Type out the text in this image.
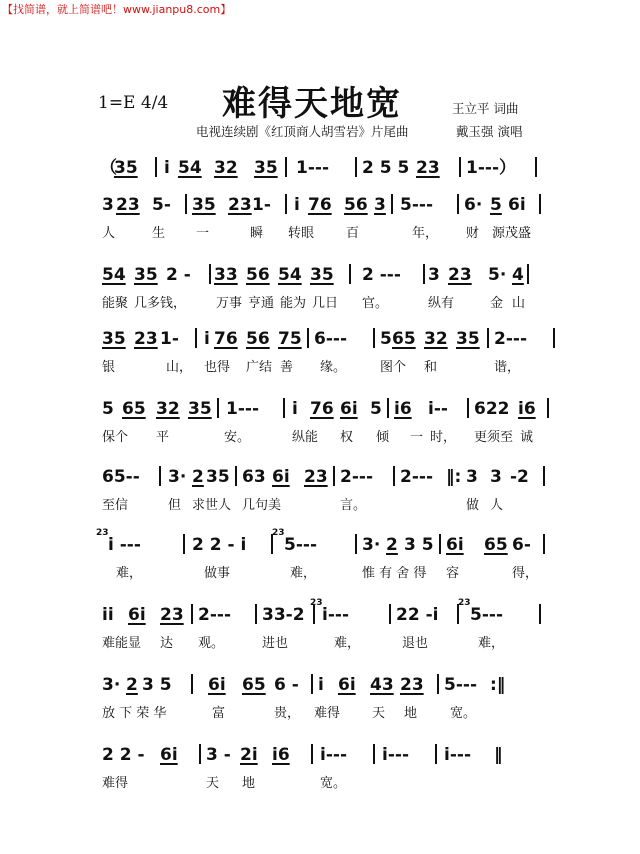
【找简谱，就上简谱吧！www.jianpu8.com】
1=E 4/4 难得天地宽	王立平 词曲
电视连续剧《红顶商人胡雪岩》片尾曲	戴玉强 演唱
（
35 i 54 32 35 1--- 2 5 5 23 1---）
3 23 5- 35 23 1- i 76 56 3 5--- 6· 5 6i
人	生 一	瞬 转眼 百	年， 财 源茂盛
54 35 2 - 33 56 54 35 2 --- 3 23 5· 4
能聚 几多钱， 万事 亨通 能为 几日 官。	纵有	金 山
35 23 1- i 76 56 75 6--- 5 65 32 35 2---
银	山， 也得 广结 善 缘。	图个 和	谐，
5 65 32 35 1--- i 76 6i 5 i6 i-- 622 i6
保个 平	安。	纵能 权 倾 一 时， 更须至 诚
65-- 3· 2 35 63 6i 23 2--- 2--- ‖: 3 3 -2
至信	但 求世人 几句美	言。	做 人
23
i ---	2 2 - i
23
5---	3· 2 3 5 6i 65 6-
难，	做事	难，	惟 有 舍 得 容	得，
ii 6i 23 2--- 33-2
23
i---	22 -i
23
5---
难能显 达 观。	进也	难，	退也	难，
3· 2 3 5 6i 65 6 - i 6i 43 23 5--- :‖
放 下 荣 华	富	贵， 难得 天 地	宽。
2 2 - 6i 3 - 2i i6 i--- i--- i--- ‖
难得	天 地	宽。
